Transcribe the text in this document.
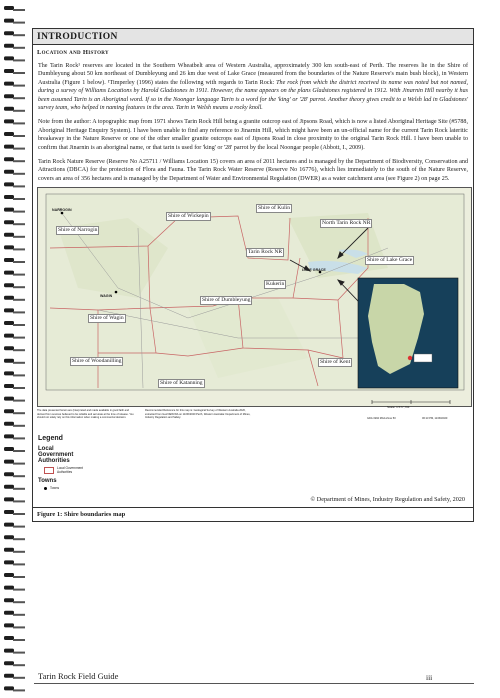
INTRODUCTION
Location and History

The Tarin Rock¹ reserves are located in the Southern Wheatbelt area of Western Australia, approximately 300 km south-east of Perth. The reserves lie in the Shire of Dumbleyung about 50 km northeast of Dumbleyung and 26 km due west of Lake Grace (measured from the boundaries of the Nature Reserve's main bush block), in Western Australia (Figure 1 below). ¹Timperley (1996) states the following with regards to Tarin Rock: The rock from which the district received its name was noted but not named, during a survey of Williams Locations by Harold Gladstones in 1911. However, the name appears on the plans Gladstones registered in 1912. With Jinarnin Hill nearby it has been assumed Tarin is an Aboriginal word. If so in the Noongar language Tarin is a word for the 'king' or '28' parrot. Another theory gives credit to a Welsh lad in Gladstones' survey team, who helped in naming features in the area. Tarin in Welsh means a rocky knoll.

Note from the author: A topographic map from 1971 shows Tarin Rock Hill being a granite outcrop east of Jipsons Road, which is now a listed Aboriginal Heritage Site (#5788, Aboriginal Heritage Enquiry System). I have been unable to find any reference to Jinarnin Hill, which might have been an un-official name for the current Tarin Rock lateritic breakaway in the Nature Reserve or one of the other smaller granite outcrops east of Jipsons Road in close proximity to the original Tarin Rock Hill. I have been unable to confirm that Jinarnin is an aboriginal name, or that tarin is used for 'king' or '28' parrot by the local Noongar people (Abbott, I., 2009).

Tarin Rock Nature Reserve (Reserve No A25711 / Williams Location 15) covers an area of 2011 hectares and is managed by the Department of Biodiversity, Conservation and Attractions (DBCA) for the protection of Flora and Fauna. The Tarin Rock Water Reserve (Reserve No 16776), which lies immediately to the south of the Nature Reserve, covers an area of 356 hectares and is managed by the Department of Water and Environmental Regulation (DWER) as a water catchment area (see Figure 2) on page 25.

Shire of Wickepin
Shire of Kulin
Shire of Narrogin
North Tarin Rock NR
Tarin Rock NR
Shire of Lake Grace
Kukerin
Shire of Dumbleyung
Shire of Wagin
Shire of Woodanilling	Shire of Kent
Shire of Katanning
NARROGIN
WAGIN
LAKE GRACE
The data presented herein are (interpreted and made available in good faith and derived from sources believed to be reliable and accurate at the time of release. You should not solely rely on this information when making a commercial decision.
Recommended Reference for this map is: Geological Survey of Western Australia 2020, extracted from GeoVIEW.WA on 11/06/2020 Perth, Western Australia: Department of Mines, Industry Regulation and Safety.
Scale: 1:577,791
GDA 1994 MGA Zone 50	06:13 PM, 11/06/2020
Legend
Local Government Authorities
Local Government Authorities
Towns
Towns
© Department of Mines, Industry Regulation and Safety, 2020
Figure 1: Shire boundaries map
Tarin Rock Field Guide	iii
